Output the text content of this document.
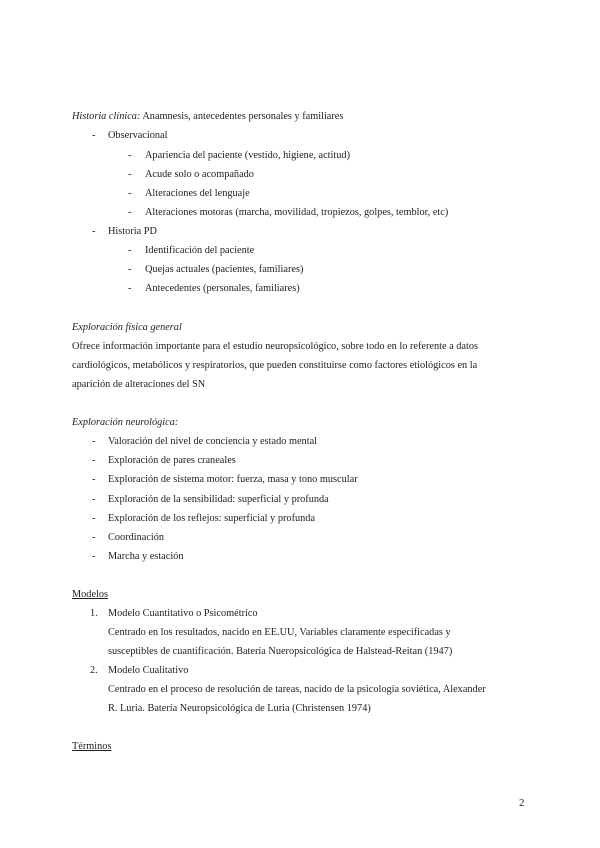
Historia clínica: Anamnesis, antecedentes personales y familiares
- Observacional
- Apariencia del paciente (vestido, higiene, actitud)
- Acude solo o acompañado
- Alteraciones del lenguaje
- Alteraciones motoras (marcha, movilidad, tropiezos, golpes, temblor, etc)
- Historia PD
- Identificación del paciente
- Quejas actuales (pacientes, familiares)
- Antecedentes (personales, familiares)
Exploración física general
Ofrece información importante para el estudio neuropsicológico, sobre todo en lo referente a datos
cardiológicos, metabólicos y respiratorios, que pueden constituirse como factores etiológicos en la
aparición de alteraciones del SN
Exploración neurológica:
- Valoración del nivel de conciencia y estado mental
- Exploración de pares craneales
- Exploración de sistema motor: fuerza, masa y tono muscular
- Exploración de la sensibilidad: superficial y profunda
- Exploración de los reflejos: superficial y profunda
- Coordinación
- Marcha y estación
Modelos
1. Modelo Cuantitativo o Psicométrico
Centrado en los resultados, nacido en EE.UU, Variables claramente especificadas y
susceptibles de cuantificación. Batería Nueropsicológica de Halstead-Reitan (1947)
2. Modelo Cualitativo
Centrado en el proceso de resolución de tareas, nacido de la psicología soviética, Alexander
R. Luria. Batería Neuropsicológica de Luria (Christensen 1974)
Términos
2
